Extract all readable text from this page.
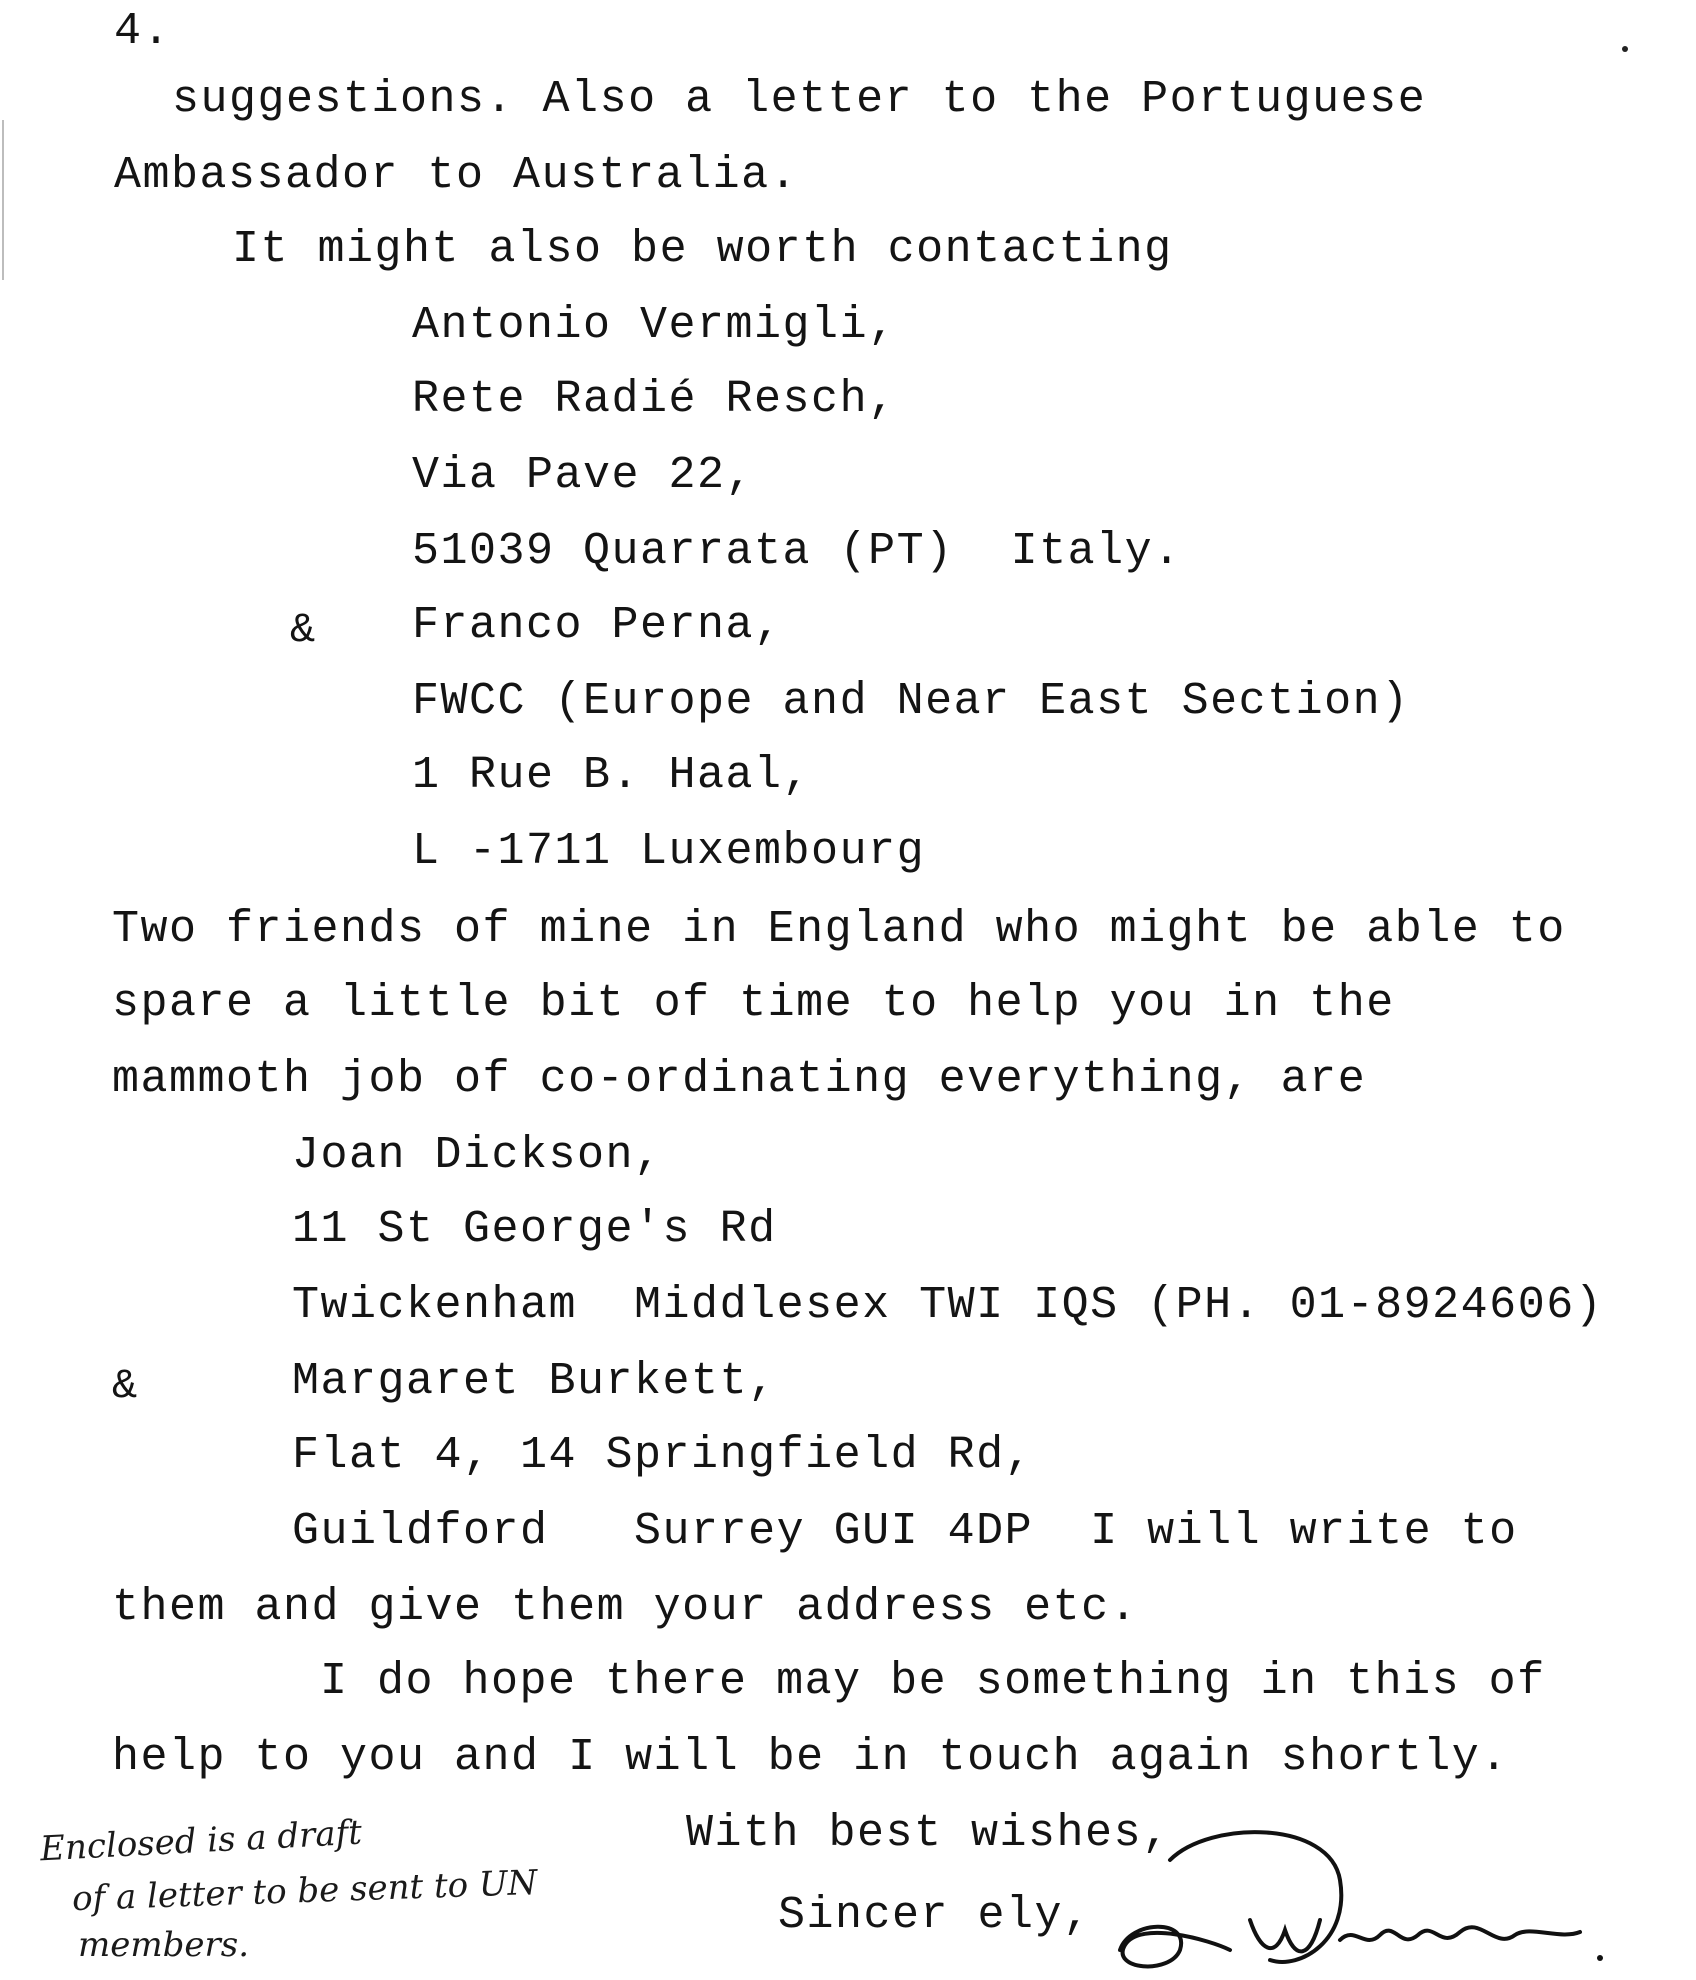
4.

suggestions. Also a letter to the Portuguese

Ambassador to Australia.

It might also be worth contacting

Antonio Vermigli,

Rete Radié Resch,

Via Pave 22,

51039 Quarrata (PT)  Italy.

& Franco Perna,

FWCC (Europe and Near East Section)

1 Rue B. Haal,

L -1711 Luxembourg

Two friends of mine in England who might be able to

spare a little bit of time to help you in the

mammoth job of co-ordinating everything, are

Joan Dickson,

11 St George's Rd

Twickenham  Middlesex TWI IQS (PH. 01-8924606)

&	Margaret Burkett,

Flat 4, 14 Springfield Rd,

Guildford   Surrey GUI 4DP  I will write to

them and give them your address etc.

I do hope there may be something in this of

help to you and I will be in touch again shortly.

With best wishes,

Sincer ely,

Enclosed is a draft
of a letter to be sent to UN
members.
